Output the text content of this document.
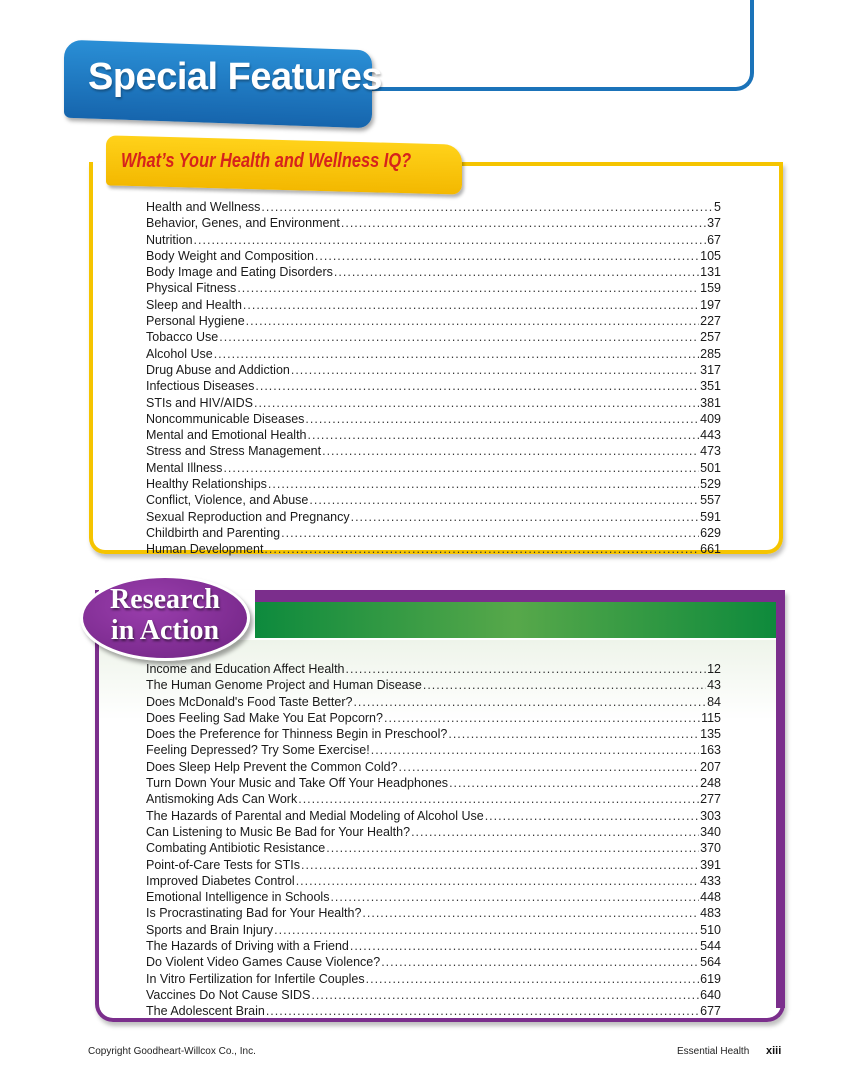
Special Features
What’s Your Health and Wellness IQ?
Health and Wellness .....	5
Behavior, Genes, and Environment .....	37
Nutrition .....	67
Body Weight and Composition .....	105
Body Image and Eating Disorders .....	131
Physical Fitness .....	159
Sleep and Health .....	197
Personal Hygiene .....	227
Tobacco Use .....	257
Alcohol Use .....	285
Drug Abuse and Addiction .....	317
Infectious Diseases .....	351
STIs and HIV/AIDS .....	381
Noncommunicable Diseases .....	409
Mental and Emotional Health .....	443
Stress and Stress Management .....	473
Mental Illness .....	501
Healthy Relationships .....	529
Conflict, Violence, and Abuse .....	557
Sexual Reproduction and Pregnancy .....	591
Childbirth and Parenting .....	629
Human Development .....	661
Research
in Action
Income and Education Affect Health .....	12
The Human Genome Project and Human Disease .....	43
Does McDonald's Food Taste Better? .....	84
Does Feeling Sad Make You Eat Popcorn? .....	115
Does the Preference for Thinness Begin in Preschool? .....	135
Feeling Depressed? Try Some Exercise! .....	163
Does Sleep Help Prevent the Common Cold? .....	207
Turn Down Your Music and Take Off Your Headphones .....	248
Antismoking Ads Can Work .....	277
The Hazards of Parental and Medial Modeling of Alcohol Use .....	303
Can Listening to Music Be Bad for Your Health? .....	340
Combating Antibiotic Resistance .....	370
Point-of-Care Tests for STIs .....	391
Improved Diabetes Control .....	433
Emotional Intelligence in Schools .....	448
Is Procrastinating Bad for Your Health? .....	483
Sports and Brain Injury .....	510
The Hazards of Driving with a Friend .....	544
Do Violent Video Games Cause Violence? .....	564
In Vitro Fertilization for Infertile Couples .....	619
Vaccines Do Not Cause SIDS .....	640
The Adolescent Brain .....	677
Copyright Goodheart-Willcox Co., Inc.	Essential Health xiii
